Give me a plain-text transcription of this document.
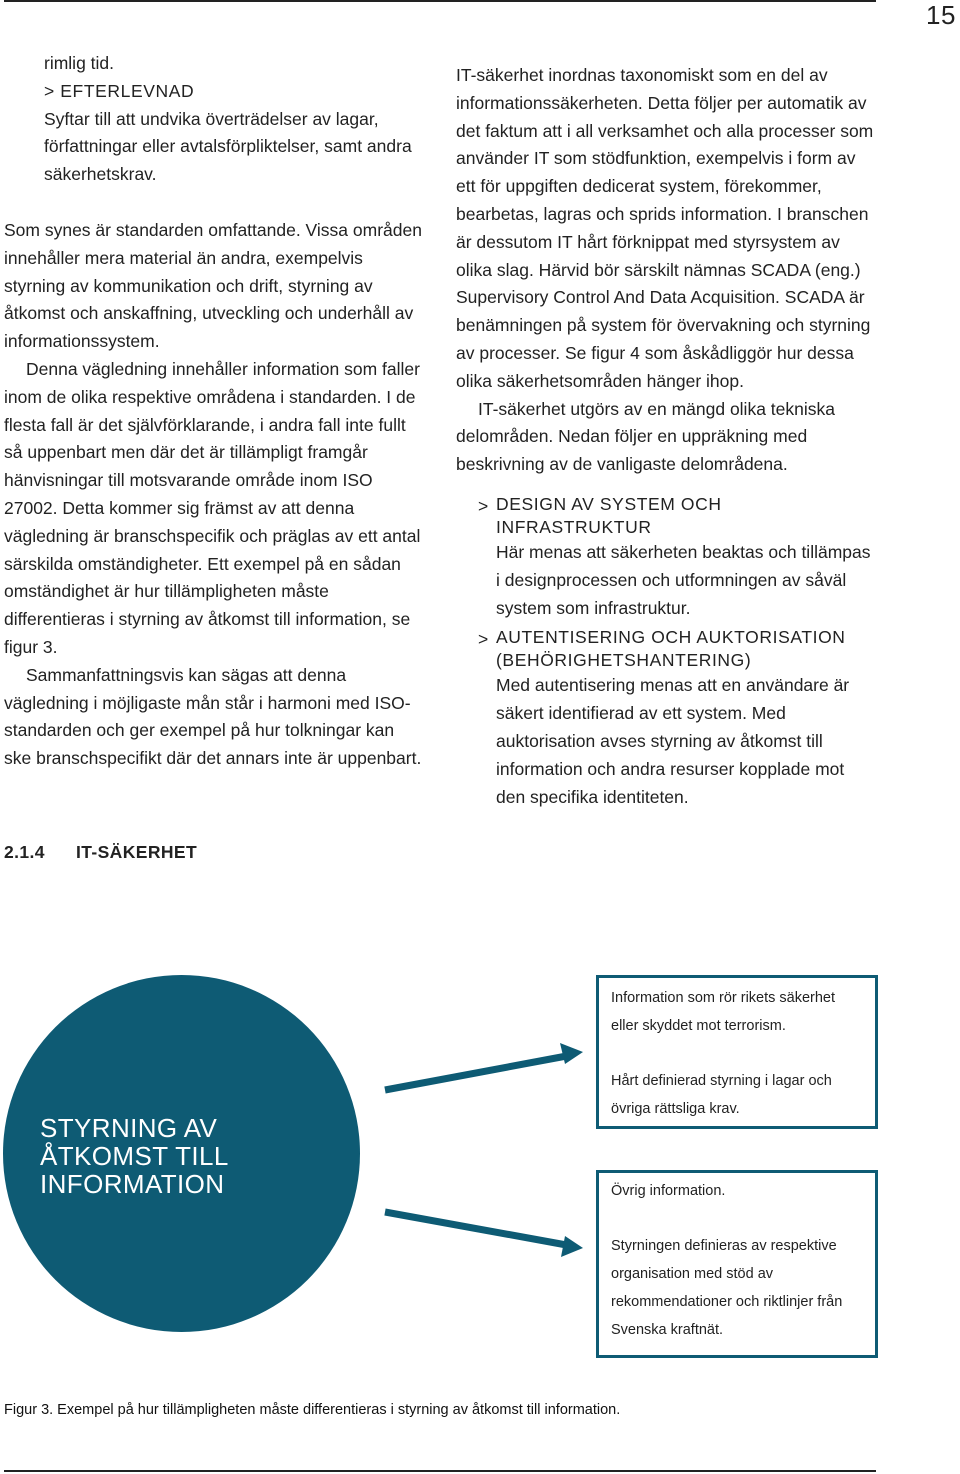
15

rimlig tid.

> EFTERLEVNAD

Syftar till att undvika överträdelser av lagar, författningar eller avtalsförpliktelser, samt andra säkerhetskrav.

Som synes är standarden omfattande. Vissa områden innehåller mera material än andra, exempelvis styrning av kommunikation och drift, styrning av åtkomst och anskaffning, utveckling och underhåll av informationssystem.

Denna vägledning innehåller information som faller inom de olika respektive områdena i standarden. I de flesta fall är det självförklarande, i andra fall inte fullt så uppenbart men där det är tillämpligt framgår hänvisningar till motsvarande område inom ISO 27002. Detta kommer sig främst av att denna vägledning är branschspecifik och präglas av ett antal särskilda omständigheter. Ett exempel på en sådan omständighet är hur tillämpligheten måste differentieras i styrning av åtkomst till information, se figur 3.

Sammanfattningsvis kan sägas att denna vägledning i möjligaste mån står i harmoni med ISO-standarden och ger exempel på hur tolkningar kan ske branschspecifikt där det annars inte är uppenbart.

2.1.4 IT-SÄKERHET

IT-säkerhet inordnas taxonomiskt som en del av informationssäkerheten. Detta följer per automatik av det faktum att i all verksamhet och alla processer som använder IT som stödfunktion, exempelvis i form av ett för uppgiften dedicerat system, förekommer, bearbetas, lagras och sprids information. I branschen är dessutom IT hårt förknippat med styrsystem av olika slag. Härvid bör särskilt nämnas SCADA (eng.) Supervisory Control And Data Acquisition. SCADA är benämningen på system för övervakning och styrning av processer. Se figur 4 som åskådliggör hur dessa olika säkerhetsområden hänger ihop.

IT-säkerhet utgörs av en mängd olika tekniska delområden. Nedan följer en uppräkning med beskrivning av de vanligaste delområdena.

> DESIGN AV SYSTEM OCH INFRASTRUKTUR

Här menas att säkerheten beaktas och tillämpas i designprocessen och utformningen av såväl system som infrastruktur.

> AUTENTISERING OCH AUKTORISATION (BEHÖRIGHETSHANTERING)

Med autentisering menas att en användare är säkert identifierad av ett system. Med auktorisation avses styrning av åtkomst till information och andra resurser kopplade mot den specifika identiteten.

STYRNING AV ÅTKOMST TILL INFORMATION

Information som rör rikets säkerhet eller skyddet mot terrorism.

Hårt definierad styrning i lagar och övriga rättsliga krav.

Övrig information.

Styrningen definieras av respektive organisation med stöd av rekommendationer och riktlinjer från Svenska kraftnät.

Figur 3. Exempel på hur tillämpligheten måste differentieras i styrning av åtkomst till information.
